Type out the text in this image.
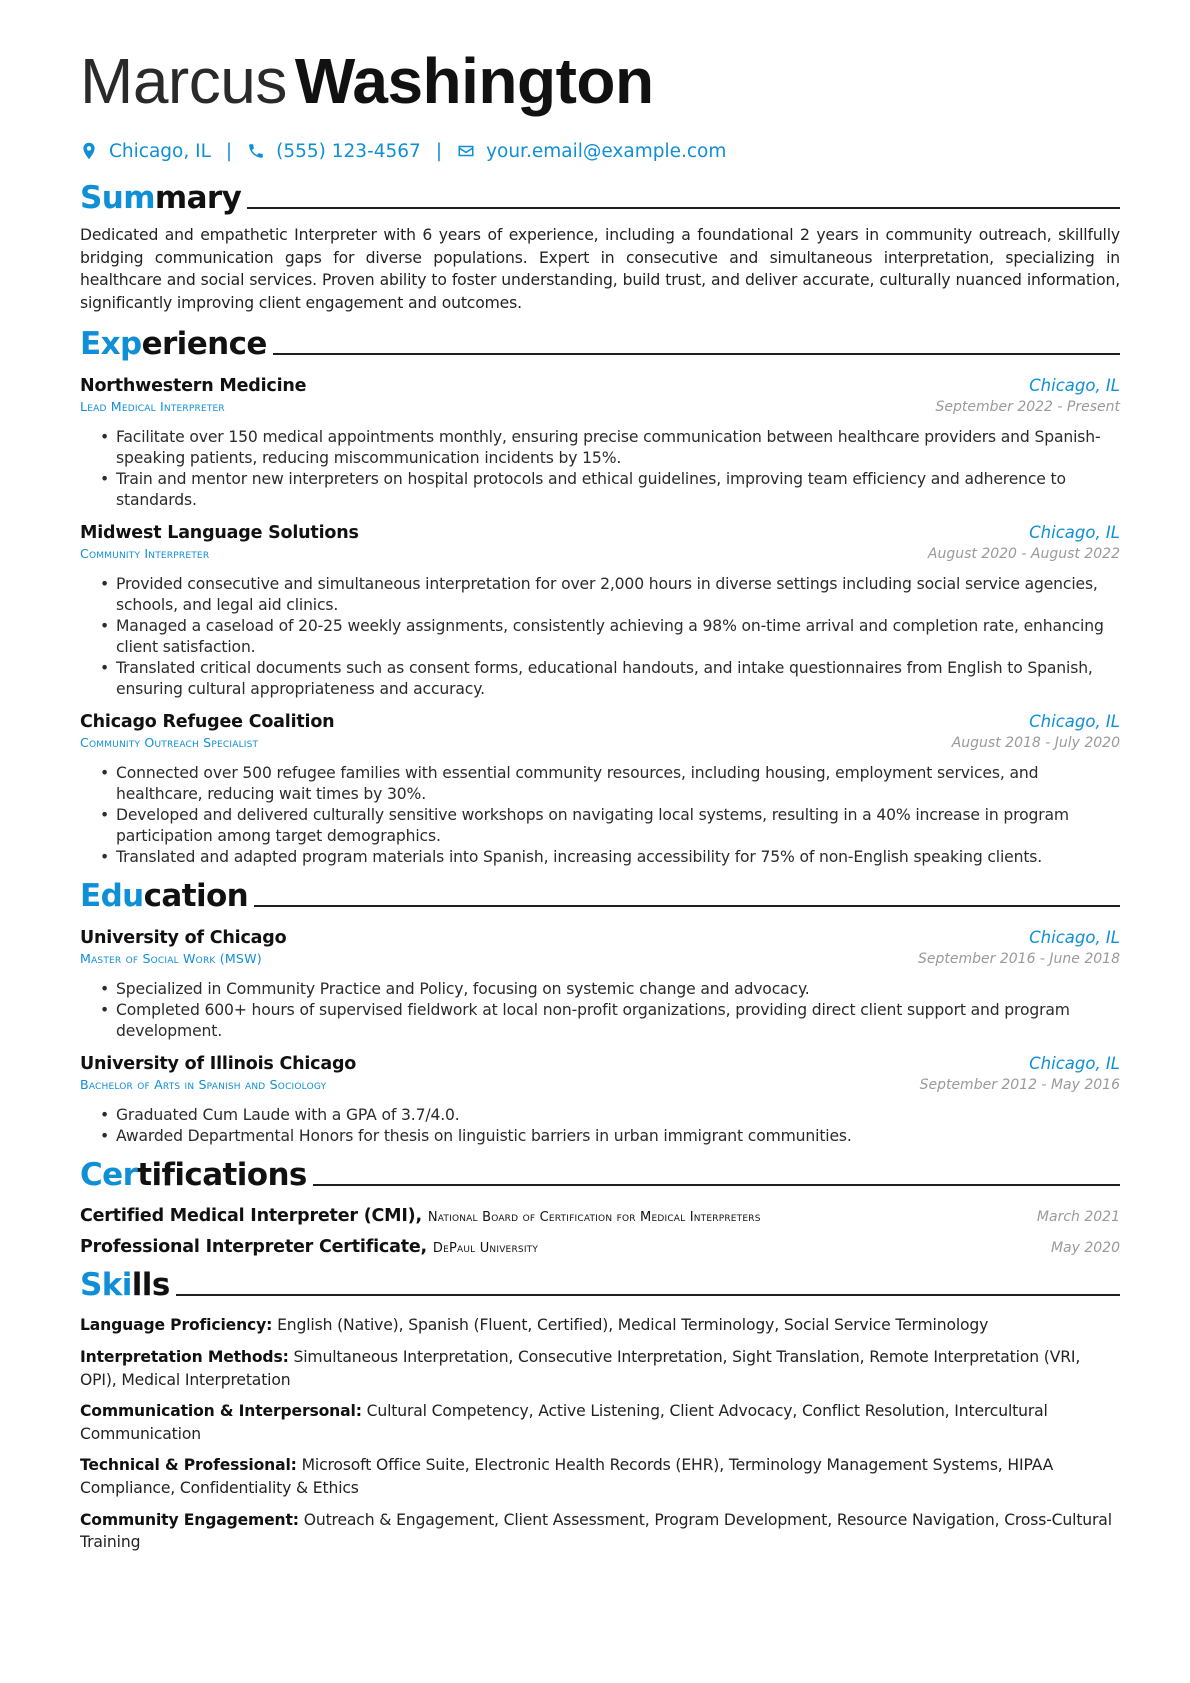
Marcus Washington
Chicago, IL | (555) 123-4567 | your.email@example.com
Summary

Dedicated and empathetic Interpreter with 6 years of experience, including a foundational 2 years in community outreach, skillfully bridging communication gaps for diverse populations. Expert in consecutive and simultaneous interpretation, specializing in healthcare and social services. Proven ability to foster understanding, build trust, and deliver accurate, culturally nuanced information, significantly improving client engagement and outcomes.

Experience
Northwestern Medicine	Chicago, IL
Lead Medical Interpreter	September 2022 - Present
• Facilitate over 150 medical appointments monthly, ensuring precise communication between healthcare providers and Spanish-speaking patients, reducing miscommunication incidents by 15%.
• Train and mentor new interpreters on hospital protocols and ethical guidelines, improving team efficiency and adherence to standards.
Midwest Language Solutions	Chicago, IL
Community Interpreter	August 2020 - August 2022
• Provided consecutive and simultaneous interpretation for over 2,000 hours in diverse settings including social service agencies, schools, and legal aid clinics.
• Managed a caseload of 20-25 weekly assignments, consistently achieving a 98% on-time arrival and completion rate, enhancing client satisfaction.
• Translated critical documents such as consent forms, educational handouts, and intake questionnaires from English to Spanish, ensuring cultural appropriateness and accuracy.
Chicago Refugee Coalition	Chicago, IL
Community Outreach Specialist	August 2018 - July 2020
• Connected over 500 refugee families with essential community resources, including housing, employment services, and healthcare, reducing wait times by 30%.
• Developed and delivered culturally sensitive workshops on navigating local systems, resulting in a 40% increase in program participation among target demographics.
• Translated and adapted program materials into Spanish, increasing accessibility for 75% of non-English speaking clients.
Education
University of Chicago	Chicago, IL
Master of Social Work (MSW)	September 2016 - June 2018
• Specialized in Community Practice and Policy, focusing on systemic change and advocacy.
• Completed 600+ hours of supervised fieldwork at local non-profit organizations, providing direct client support and program development.
University of Illinois Chicago	Chicago, IL
Bachelor of Arts in Spanish and Sociology	September 2012 - May 2016
• Graduated Cum Laude with a GPA of 3.7/4.0.
• Awarded Departmental Honors for thesis on linguistic barriers in urban immigrant communities.
Certifications
Certified Medical Interpreter (CMI), National Board of Certification for Medical Interpreters	March 2021
Professional Interpreter Certificate, DePaul University	May 2020
Skills
Language Proficiency: English (Native), Spanish (Fluent, Certified), Medical Terminology, Social Service Terminology
Interpretation Methods: Simultaneous Interpretation, Consecutive Interpretation, Sight Translation, Remote Interpretation (VRI, OPI), Medical Interpretation
Communication & Interpersonal: Cultural Competency, Active Listening, Client Advocacy, Conflict Resolution, Intercultural Communication
Technical & Professional: Microsoft Office Suite, Electronic Health Records (EHR), Terminology Management Systems, HIPAA Compliance, Confidentiality & Ethics
Community Engagement: Outreach & Engagement, Client Assessment, Program Development, Resource Navigation, Cross-Cultural Training
